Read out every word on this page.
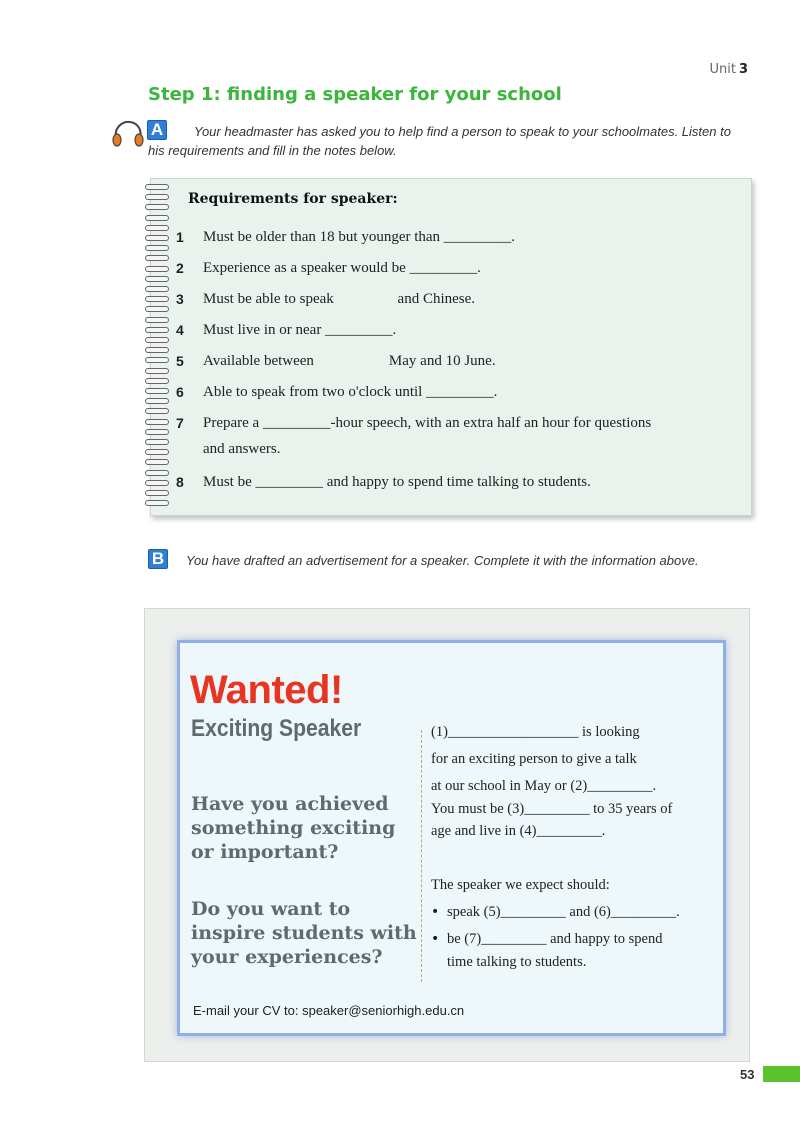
Unit 3
Step 1: finding a speaker for your school
A	Your headmaster has asked you to help find a person to speak to your schoolmates. Listen to his requirements and fill in the notes below.
Requirements for speaker:
1 Must be older than 18 but younger than _________.
2 Experience as a speaker would be _________.
3 Must be able to speak                 and Chinese.
4 Must live in or near _________.
5 Available between                    May and 10 June.
6 Able to speak from two o'clock until _________.
7 Prepare a _________-hour speech, with an extra half an hour for questions
and answers.
8 Must be _________ and happy to spend time talking to students.
B	You have drafted an advertisement for a speaker. Complete it with the information above.
Wanted!
Exciting Speaker
Have you achieved something exciting or important?
Do you want to inspire students with your experiences?
(1)__________________ is looking
for an exciting person to give a talk
at our school in May or (2)_________.
You must be (3)_________ to 35 years of
age and live in (4)_________.
The speaker we expect should:
• speak (5)_________ and (6)_________.
• be (7)_________ and happy to spend
time talking to students.
E-mail your CV to: speaker@seniorhigh.edu.cn
53
